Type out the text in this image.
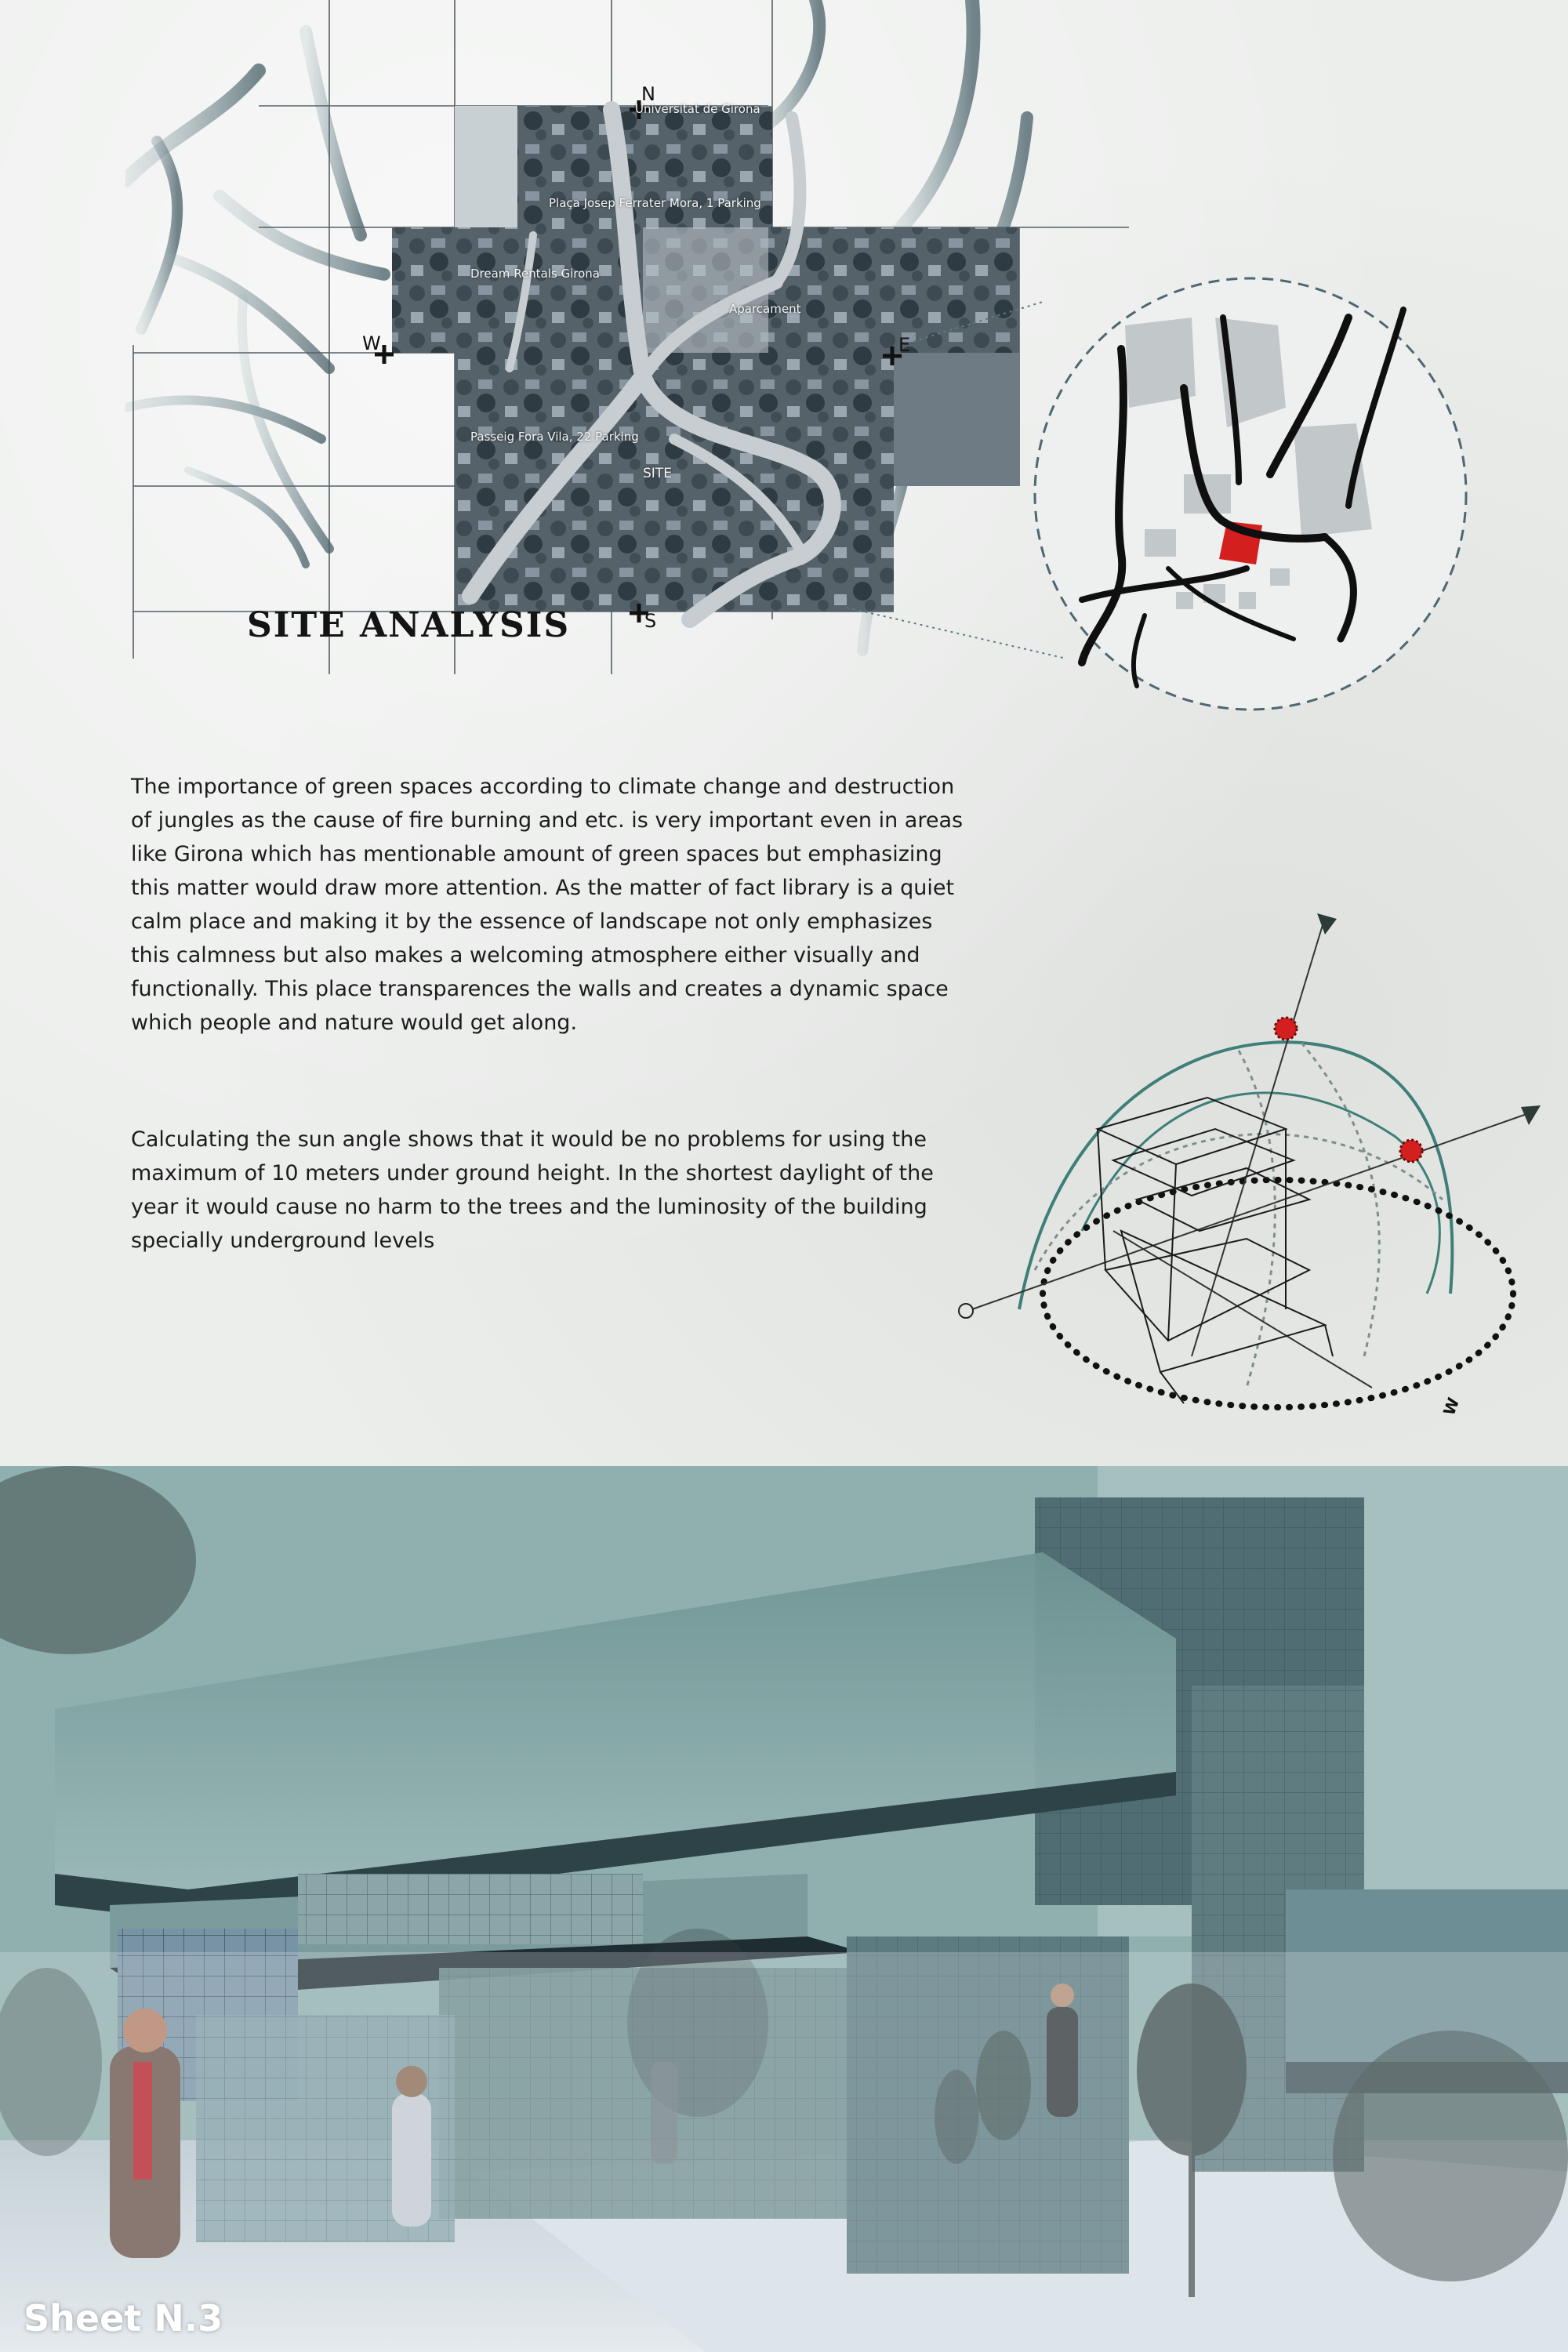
Universitat de Girona
Plaça Josep Ferrater Mora, 1 Parking
Dream Rentals Girona
Aparcament
Passeig Fora Vila, 22 Parking
SITE
N
W	E
S
SITE ANALYSIS

The importance of green spaces according to climate change and destruction of jungles as the cause of fire burning and etc. is very important even in areas like Girona which has mentionable amount of green spaces but emphasizing this matter would draw more attention. As the matter of fact library is a quiet calm place and making it by the essence of landscape not only emphasizes this calmness but also makes a welcoming atmosphere either visually and functionally. This place transparences the walls and creates a dynamic space which people and nature would get along.

Calculating the sun angle shows that it would be no problems for using the maximum of 10 meters under ground height. In the shortest daylight of the year it would cause no harm to the trees and the luminosity of the building specially underground levels

W
Sheet N.3
